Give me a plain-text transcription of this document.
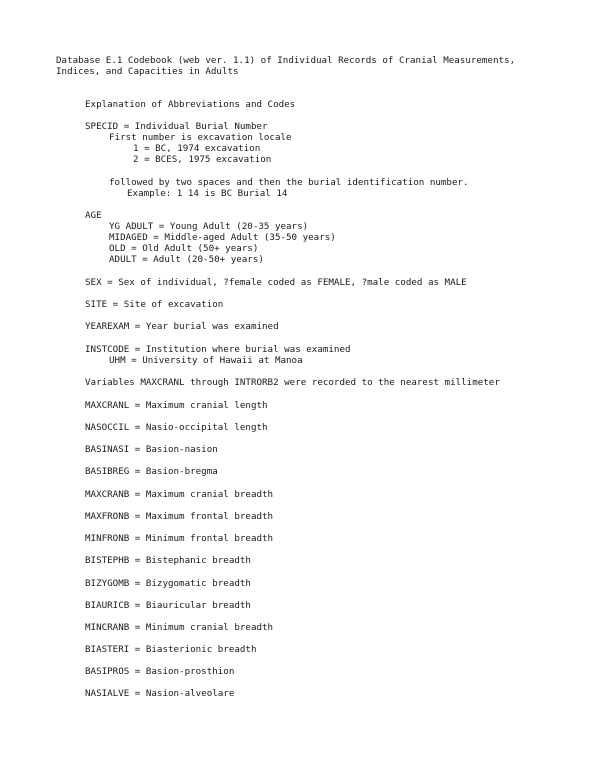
Database E.1 Codebook (web ver. 1.1) of Individual Records of Cranial Measurements,
Indices, and Capacities in Adults
Explanation of Abbreviations and Codes
SPECID = Individual Burial Number
First number is excavation locale
1 = BC, 1974 excavation
2 = BCES, 1975 excavation
followed by two spaces and then the burial identification number.
Example: 1 14 is BC Burial 14
AGE
YG ADULT = Young Adult (20-35 years)
MIDAGED = Middle-aged Adult (35-50 years)
OLD = Old Adult (50+ years)
ADULT = Adult (20-50+ years)
SEX = Sex of individual, ?female coded as FEMALE, ?male coded as MALE
SITE = Site of excavation
YEAREXAM = Year burial was examined
INSTCODE = Institution where burial was examined
UHM = University of Hawaii at Manoa
Variables MAXCRANL through INTRORB2 were recorded to the nearest millimeter
MAXCRANL = Maximum cranial length
NASOCCIL = Nasio-occipital length
BASINASI = Basion-nasion
BASIBREG = Basion-bregma
MAXCRANB = Maximum cranial breadth
MAXFRONB = Maximum frontal breadth
MINFRONB = Minimum frontal breadth
BISTEPHB = Bistephanic breadth
BIZYGOMB = Bizygomatic breadth
BIAURICB = Biauricular breadth
MINCRANB = Minimum cranial breadth
BIASTERI = Biasterionic breadth
BASIPROS = Basion-prosthion
NASIALVE = Nasion-alveolare
